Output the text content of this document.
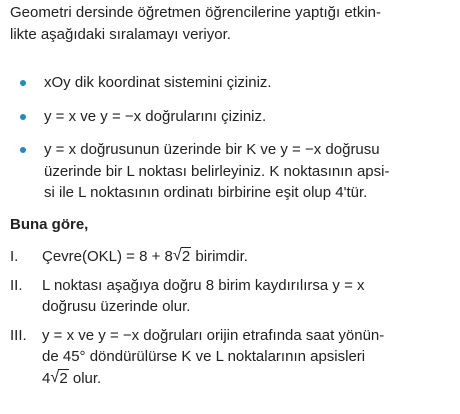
Geometri dersinde öğretmen öğrencilerine yaptığı etkin-
likte aşağıdaki sıralamayı veriyor.
xOy dik koordinat sistemini çiziniz.
y = x ve y = −x doğrularını çiziniz.
y = x doğrusunun üzerinde bir K ve y = −x doğrusu
üzerinde bir L noktası belirleyiniz. K noktasının apsi-
si ile L noktasının ordinatı birbirine eşit olup 4'tür.
Buna göre,
I. Çevre(OKL) = 8 + 8 √ 2 birimdir.
II. L noktası aşağıya doğru 8 birim kaydırılırsa y = x
doğrusu üzerinde olur.
III. y = x ve y = −x doğruları orijin etrafında saat yönün-
de 45° döndürülürse K ve L noktalarının apsisleri
4 √ 2 olur.
